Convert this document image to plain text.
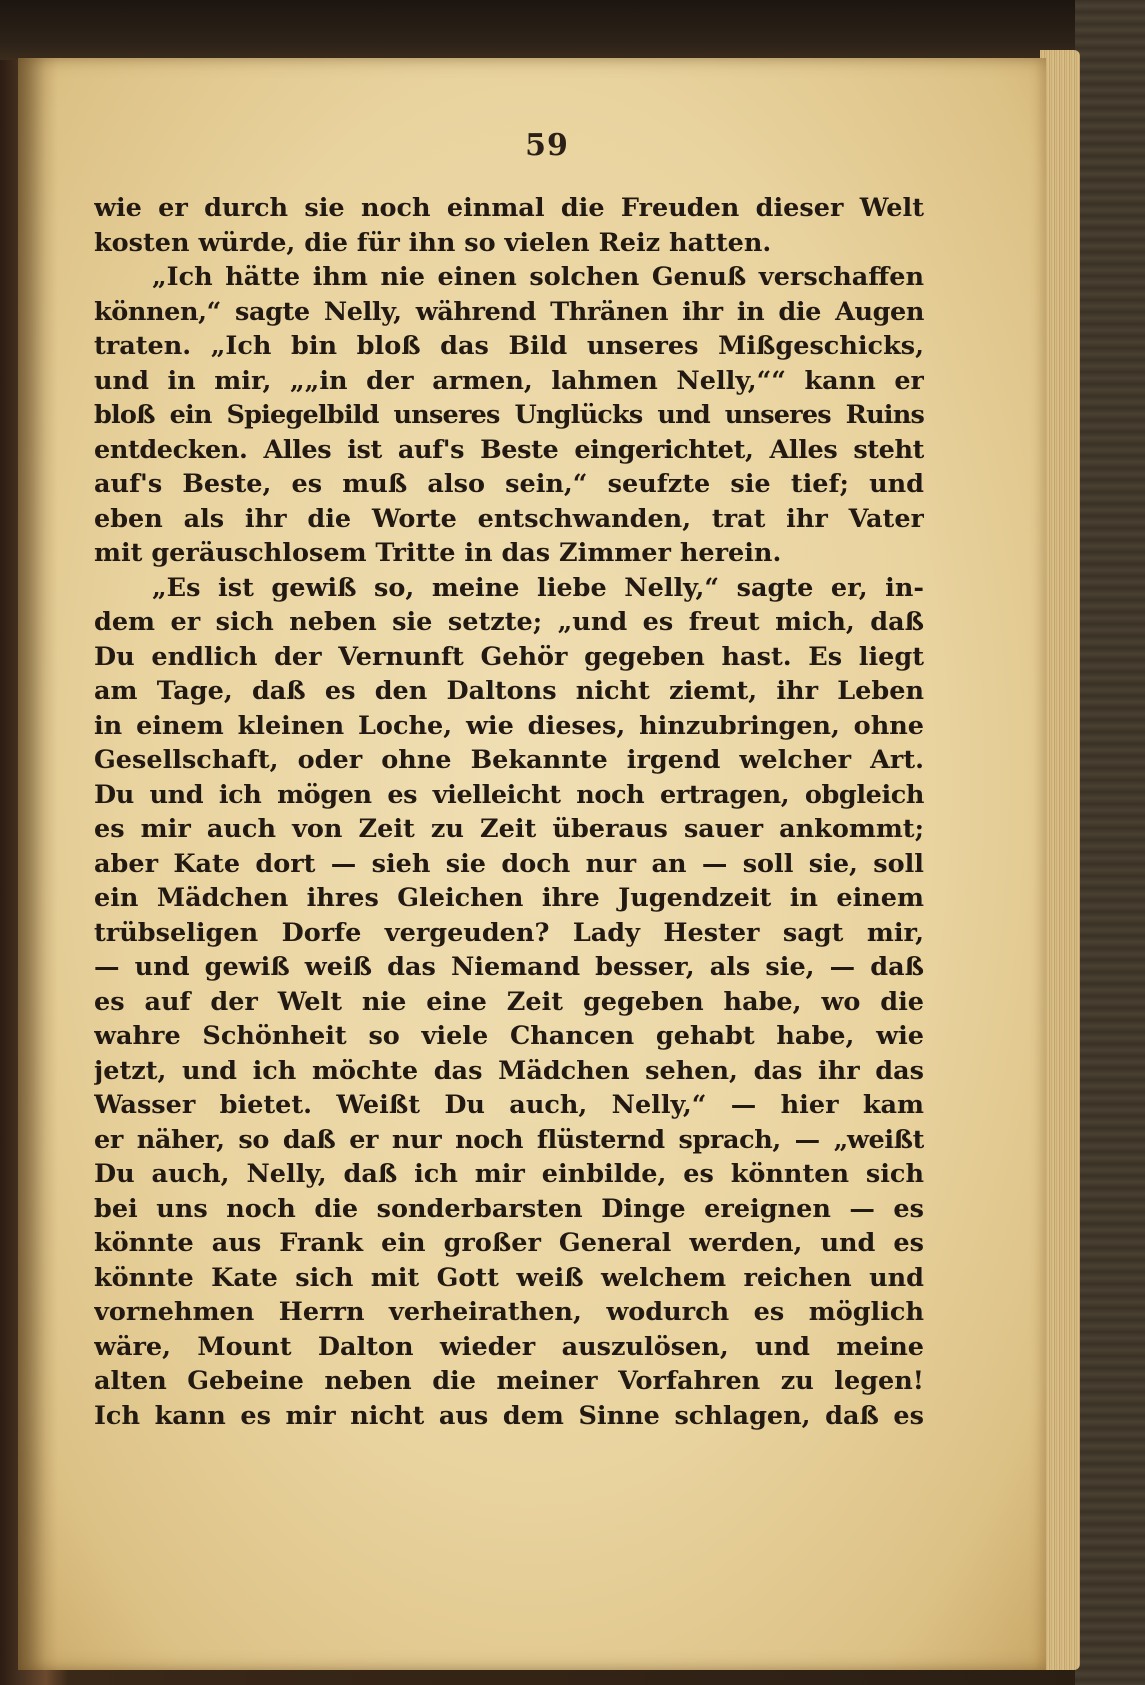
59
wie er durch sie noch einmal die Freuden dieser Welt
kosten würde, die für ihn so vielen Reiz hatten.
„Ich hätte ihm nie einen solchen Genuß verschaffen
können,“ sagte Nelly, während Thränen ihr in die Augen
traten. „Ich bin bloß das Bild unseres Mißgeschicks,
und in mir, „„in der armen, lahmen Nelly,““ kann er
bloß ein Spiegelbild unseres Unglücks und unseres Ruins
entdecken. Alles ist auf's Beste eingerichtet, Alles steht
auf's Beste, es muß also sein,“ seufzte sie tief; und
eben als ihr die Worte entschwanden, trat ihr Vater
mit geräuschlosem Tritte in das Zimmer herein.
„Es ist gewiß so, meine liebe Nelly,“ sagte er, in-
dem er sich neben sie setzte; „und es freut mich, daß
Du endlich der Vernunft Gehör gegeben hast. Es liegt
am Tage, daß es den Daltons nicht ziemt, ihr Leben
in einem kleinen Loche, wie dieses, hinzubringen, ohne
Gesellschaft, oder ohne Bekannte irgend welcher Art.
Du und ich mögen es vielleicht noch ertragen, obgleich
es mir auch von Zeit zu Zeit überaus sauer ankommt;
aber Kate dort — sieh sie doch nur an — soll sie, soll
ein Mädchen ihres Gleichen ihre Jugendzeit in einem
trübseligen Dorfe vergeuden? Lady Hester sagt mir,
— und gewiß weiß das Niemand besser, als sie, — daß
es auf der Welt nie eine Zeit gegeben habe, wo die
wahre Schönheit so viele Chancen gehabt habe, wie
jetzt, und ich möchte das Mädchen sehen, das ihr das
Wasser bietet. Weißt Du auch, Nelly,“ — hier kam
er näher, so daß er nur noch flüsternd sprach, — „weißt
Du auch, Nelly, daß ich mir einbilde, es könnten sich
bei uns noch die sonderbarsten Dinge ereignen — es
könnte aus Frank ein großer General werden, und es
könnte Kate sich mit Gott weiß welchem reichen und
vornehmen Herrn verheirathen, wodurch es möglich
wäre, Mount Dalton wieder auszulösen, und meine
alten Gebeine neben die meiner Vorfahren zu legen!
Ich kann es mir nicht aus dem Sinne schlagen, daß es
